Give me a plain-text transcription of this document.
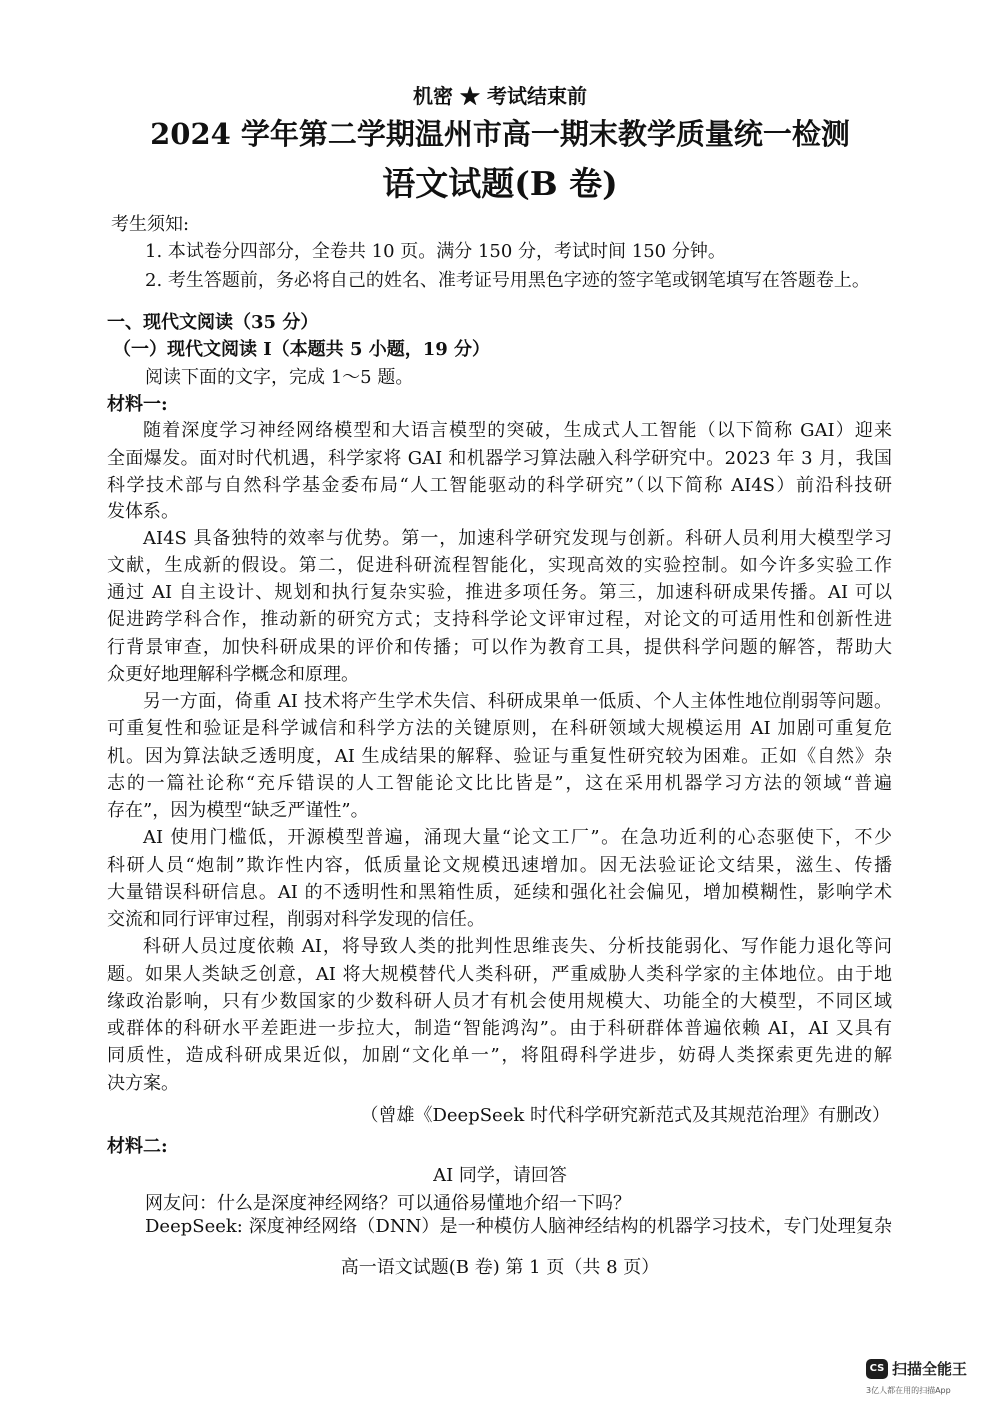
机密 ★ 考试结束前
2024 学年第二学期温州市高一期末教学质量统一检测
语文试题(B 卷)
考生须知:
1. 本试卷分四部分，全卷共 10 页。满分 150 分，考试时间 150 分钟。
2. 考生答题前，务必将自己的姓名、准考证号用黑色字迹的签字笔或钢笔填写在答题卷上。
一、现代文阅读（35 分）
（一）现代文阅读 I（本题共 5 小题，19 分）
阅读下面的文字，完成 1～5 题。
材料一:
随着深度学习神经网络模型和大语言模型的突破，生成式人工智能（以下简称 GAI）迎来
全面爆发。面对时代机遇，科学家将 GAI 和机器学习算法融入科学研究中。2023 年 3 月，我国
科学技术部与自然科学基金委布局“人工智能驱动的科学研究”（以下简称 AI4S）前沿科技研
发体系。
AI4S 具备独特的效率与优势。第一，加速科学研究发现与创新。科研人员利用大模型学习
文献，生成新的假设。第二，促进科研流程智能化，实现高效的实验控制。如今许多实验工作
通过 AI 自主设计、规划和执行复杂实验，推进多项任务。第三，加速科研成果传播。AI 可以
促进跨学科合作，推动新的研究方式；支持科学论文评审过程，对论文的可适用性和创新性进
行背景审查，加快科研成果的评价和传播；可以作为教育工具，提供科学问题的解答，帮助大
众更好地理解科学概念和原理。
另一方面，倚重 AI 技术将产生学术失信、科研成果单一低质、个人主体性地位削弱等问题。
可重复性和验证是科学诚信和科学方法的关键原则，在科研领域大规模运用 AI 加剧可重复危
机。因为算法缺乏透明度，AI 生成结果的解释、验证与重复性研究较为困难。正如《自然》杂
志的一篇社论称“充斥错误的人工智能论文比比皆是”，这在采用机器学习方法的领域“普遍
存在”，因为模型“缺乏严谨性”。
AI 使用门槛低，开源模型普遍，涌现大量“论文工厂”。在急功近利的心态驱使下，不少
科研人员“炮制”欺诈性内容，低质量论文规模迅速增加。因无法验证论文结果，滋生、传播
大量错误科研信息。AI 的不透明性和黑箱性质，延续和强化社会偏见，增加模糊性，影响学术
交流和同行评审过程，削弱对科学发现的信任。
科研人员过度依赖 AI，将导致人类的批判性思维丧失、分析技能弱化、写作能力退化等问
题。如果人类缺乏创意，AI 将大规模替代人类科研，严重威胁人类科学家的主体地位。由于地
缘政治影响，只有少数国家的少数科研人员才有机会使用规模大、功能全的大模型，不同区域
或群体的科研水平差距进一步拉大，制造“智能鸿沟”。由于科研群体普遍依赖 AI，AI 又具有
同质性，造成科研成果近似，加剧“文化单一”，将阻碍科学进步，妨碍人类探索更先进的解
决方案。
（曾雄《DeepSeek 时代科学研究新范式及其规范治理》有删改）
材料二:
AI 同学，请回答
网友问：什么是深度神经网络？可以通俗易懂地介绍一下吗？
DeepSeek: 深度神经网络（DNN）是一种模仿人脑神经结构的机器学习技术，专门处理复杂
高一语文试题(B 卷) 第 1 页（共 8 页）
CS 扫描全能王
3亿人都在用的扫描App
